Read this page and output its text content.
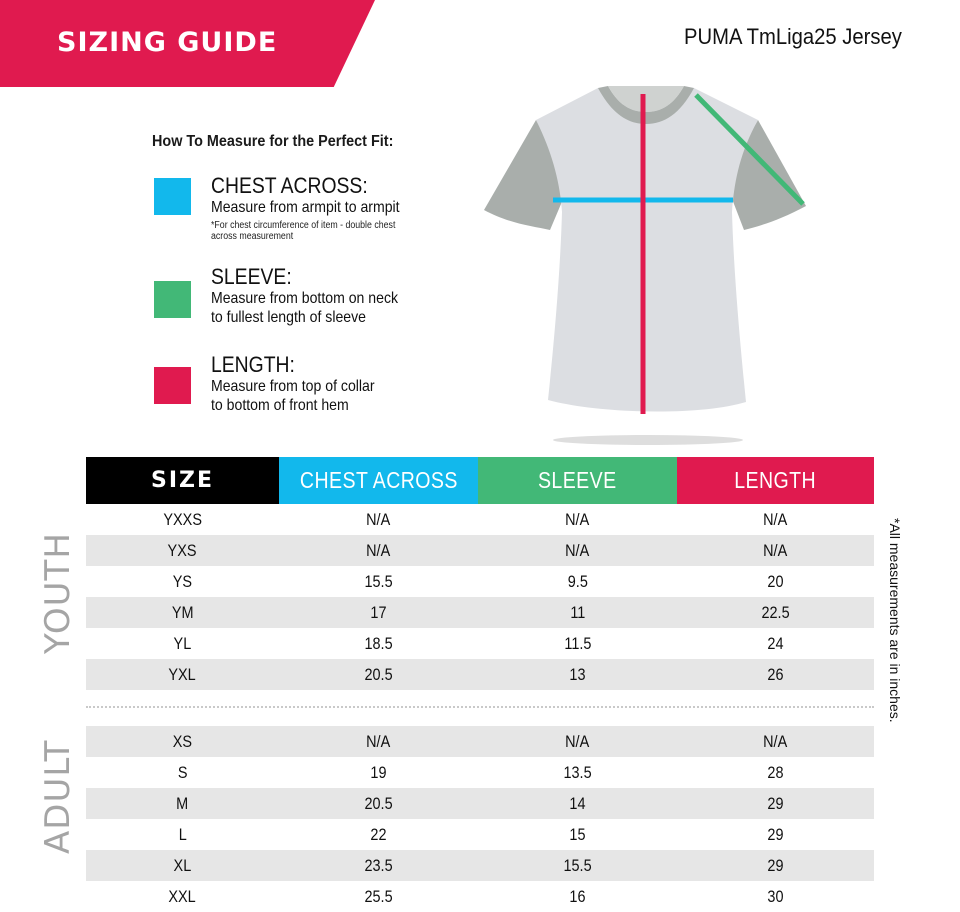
SIZING GUIDE	PUMA TmLiga25 Jersey
How To Measure for the Perfect Fit:
CHEST ACROSS:
Measure from armpit to armpit
*For chest circumference of item - double chest
across measurement
SLEEVE:
Measure from bottom on neck
to fullest length of sleeve
LENGTH:
Measure from top of collar
to bottom of front hem
SIZE	CHEST ACROSS	SLEEVE	LENGTH
YXXS	N/A	N/A	N/A
YXS	N/A	N/A	N/A
YS	15.5	9.5	20
YM	17	11	22.5
YL	18.5	11.5	24
YXL	20.5	13	26
XS	N/A	N/A	N/A
S	19	13.5	28
M	20.5	14	29
L	22	15	29
XL	23.5	15.5	29
XXL	25.5	16	30
YOUTH
ADULT
*All measurements are in inches.
